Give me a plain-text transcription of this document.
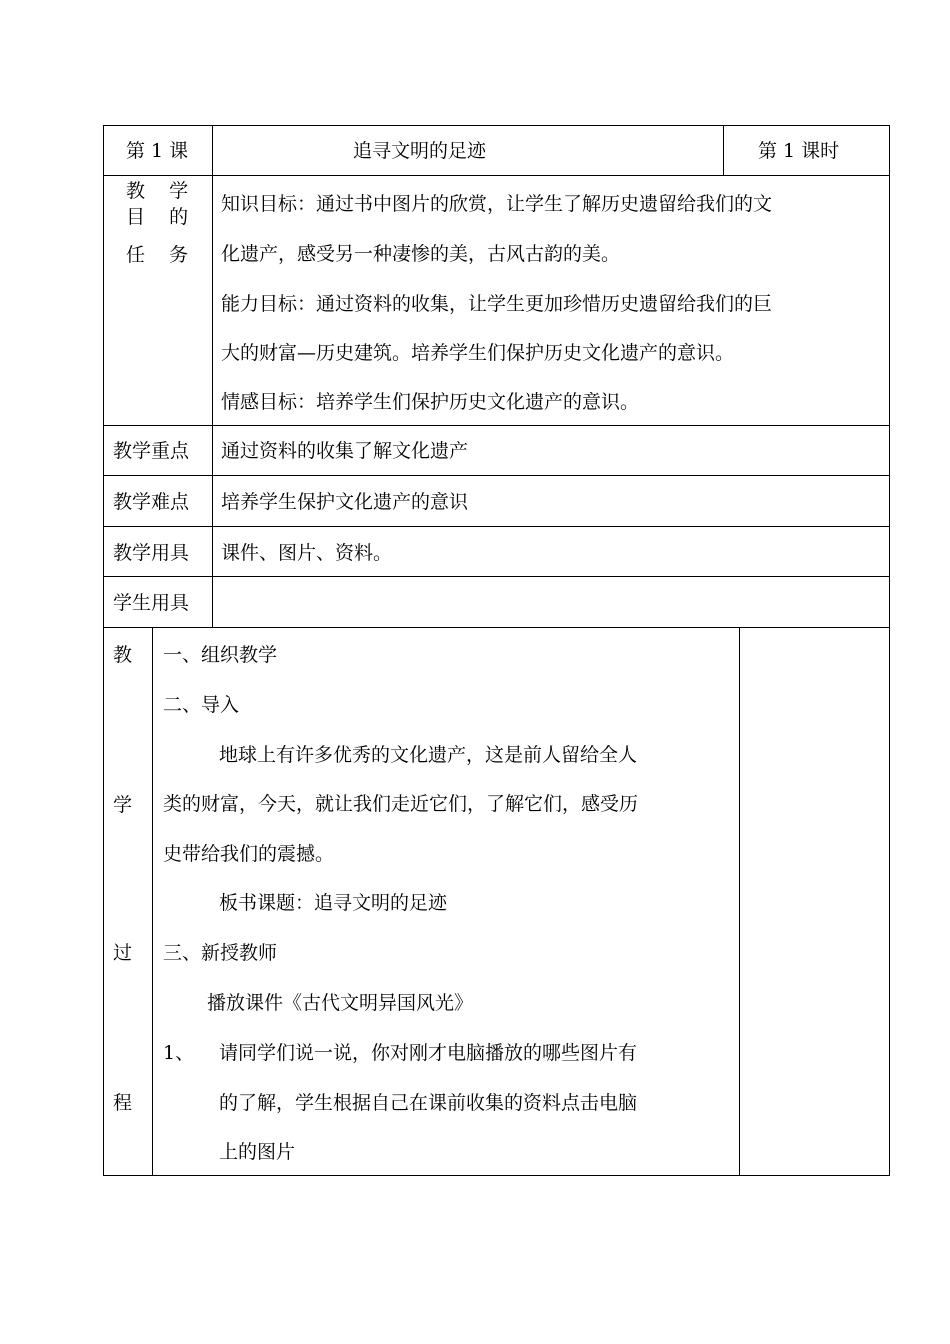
第 1 课	追寻文明的足迹	第 1 课时
教    学
目    的
任    务
知识目标：通过书中图片的欣赏，让学生了解历史遗留给我们的文
化遗产，感受另一种凄惨的美，古风古韵的美。
能力目标：通过资料的收集，让学生更加珍惜历史遗留给我们的巨
大的财富—历史建筑。培养学生们保护历史文化遗产的意识。
情感目标：培养学生们保护历史文化遗产的意识。
教学重点 通过资料的收集了解文化遗产
教学难点 培养学生保护文化遗产的意识
教学用具 课件、图片、资料。
学生用具
教
学
过
程
一、组织教学
二、导入
地球上有许多优秀的文化遗产，这是前人留给全人
类的财富，今天，就让我们走近它们，了解它们，感受历
史带给我们的震撼。
板书课题：追寻文明的足迹
三、新授教师
播放课件《古代文明异国风光》
1、 请同学们说一说，你对刚才电脑播放的哪些图片有
的了解，学生根据自己在课前收集的资料点击电脑
上的图片
